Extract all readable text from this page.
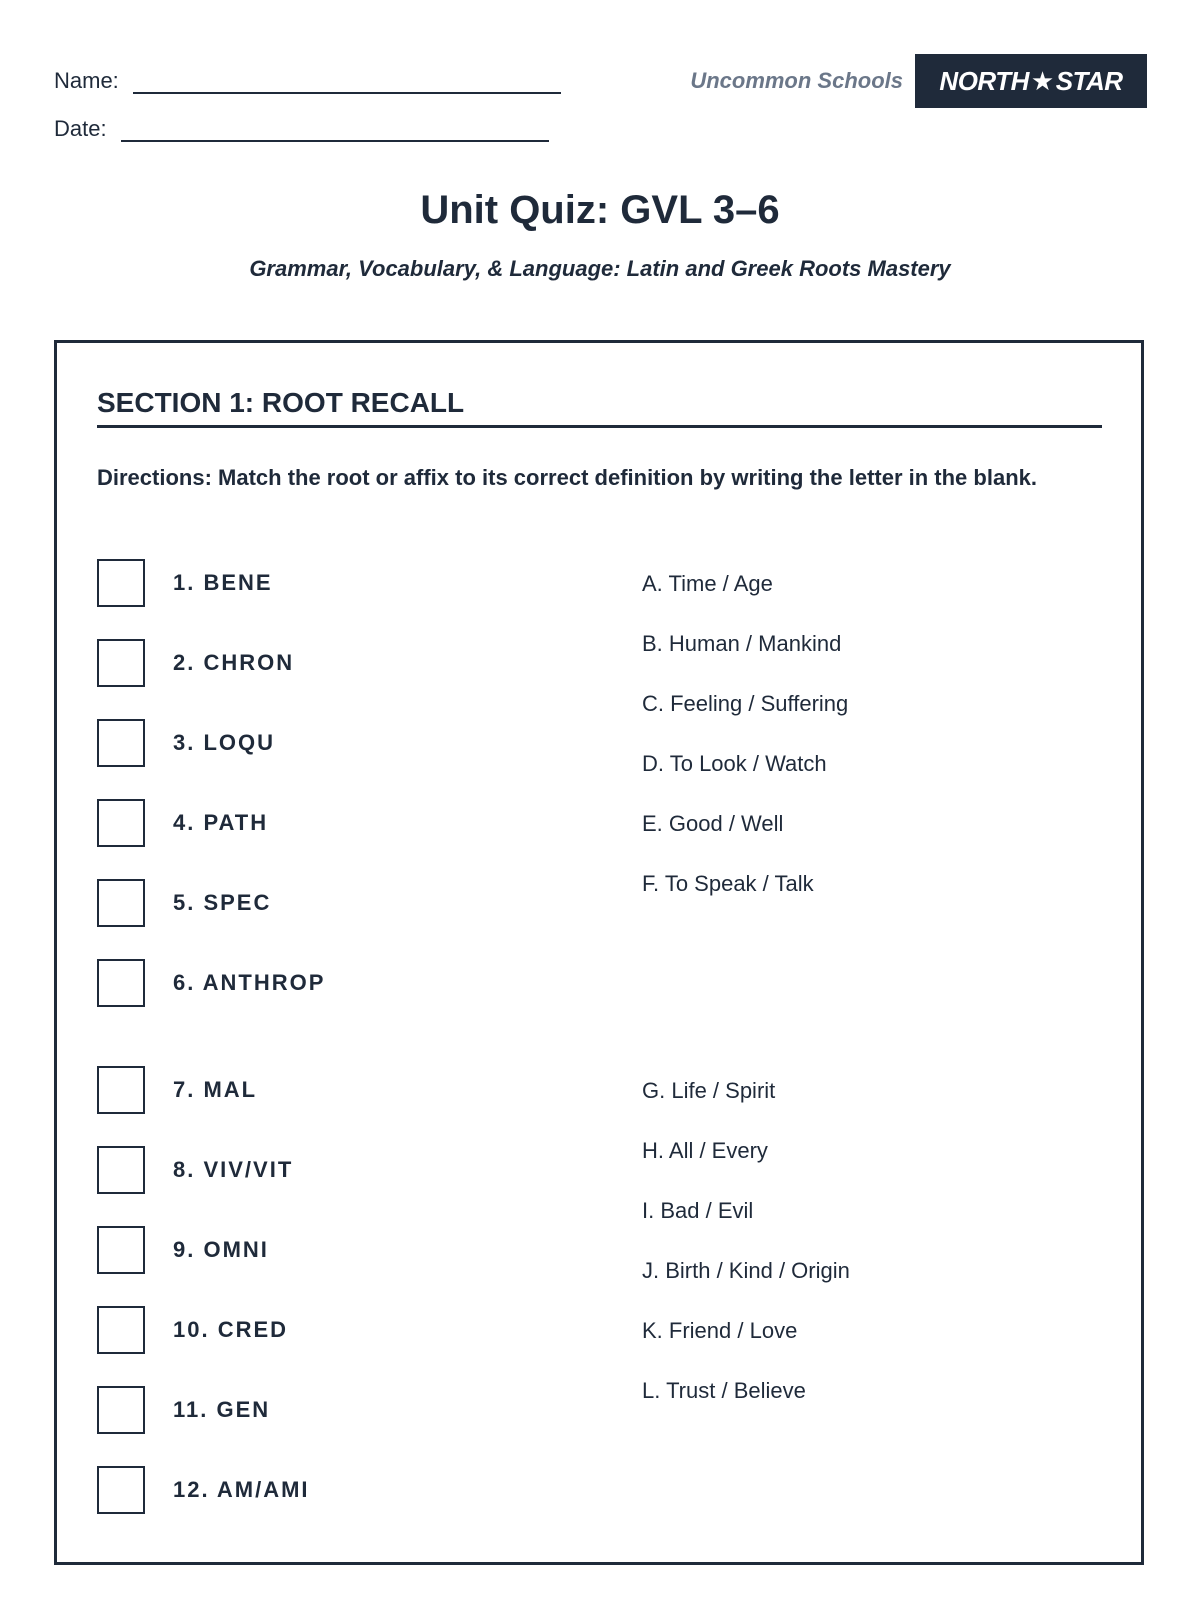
Name:
Date:
Uncommon Schools NORTH ★ STAR
Unit Quiz: GVL 3–6
Grammar, Vocabulary, & Language: Latin and Greek Roots Mastery
SECTION 1: ROOT RECALL
Directions: Match the root or affix to its correct definition by writing the letter in the blank.
1. BENE
2. CHRON
3. LOQU
4. PATH
5. SPEC
6. ANTHROP
7. MAL
8. VIV/VIT
9. OMNI
10. CRED
11. GEN
12. AM/AMI
A. Time / Age
B. Human / Mankind
C. Feeling / Suffering
D. To Look / Watch
E. Good / Well
F. To Speak / Talk
G. Life / Spirit
H. All / Every
I. Bad / Evil
J. Birth / Kind / Origin
K. Friend / Love
L. Trust / Believe
